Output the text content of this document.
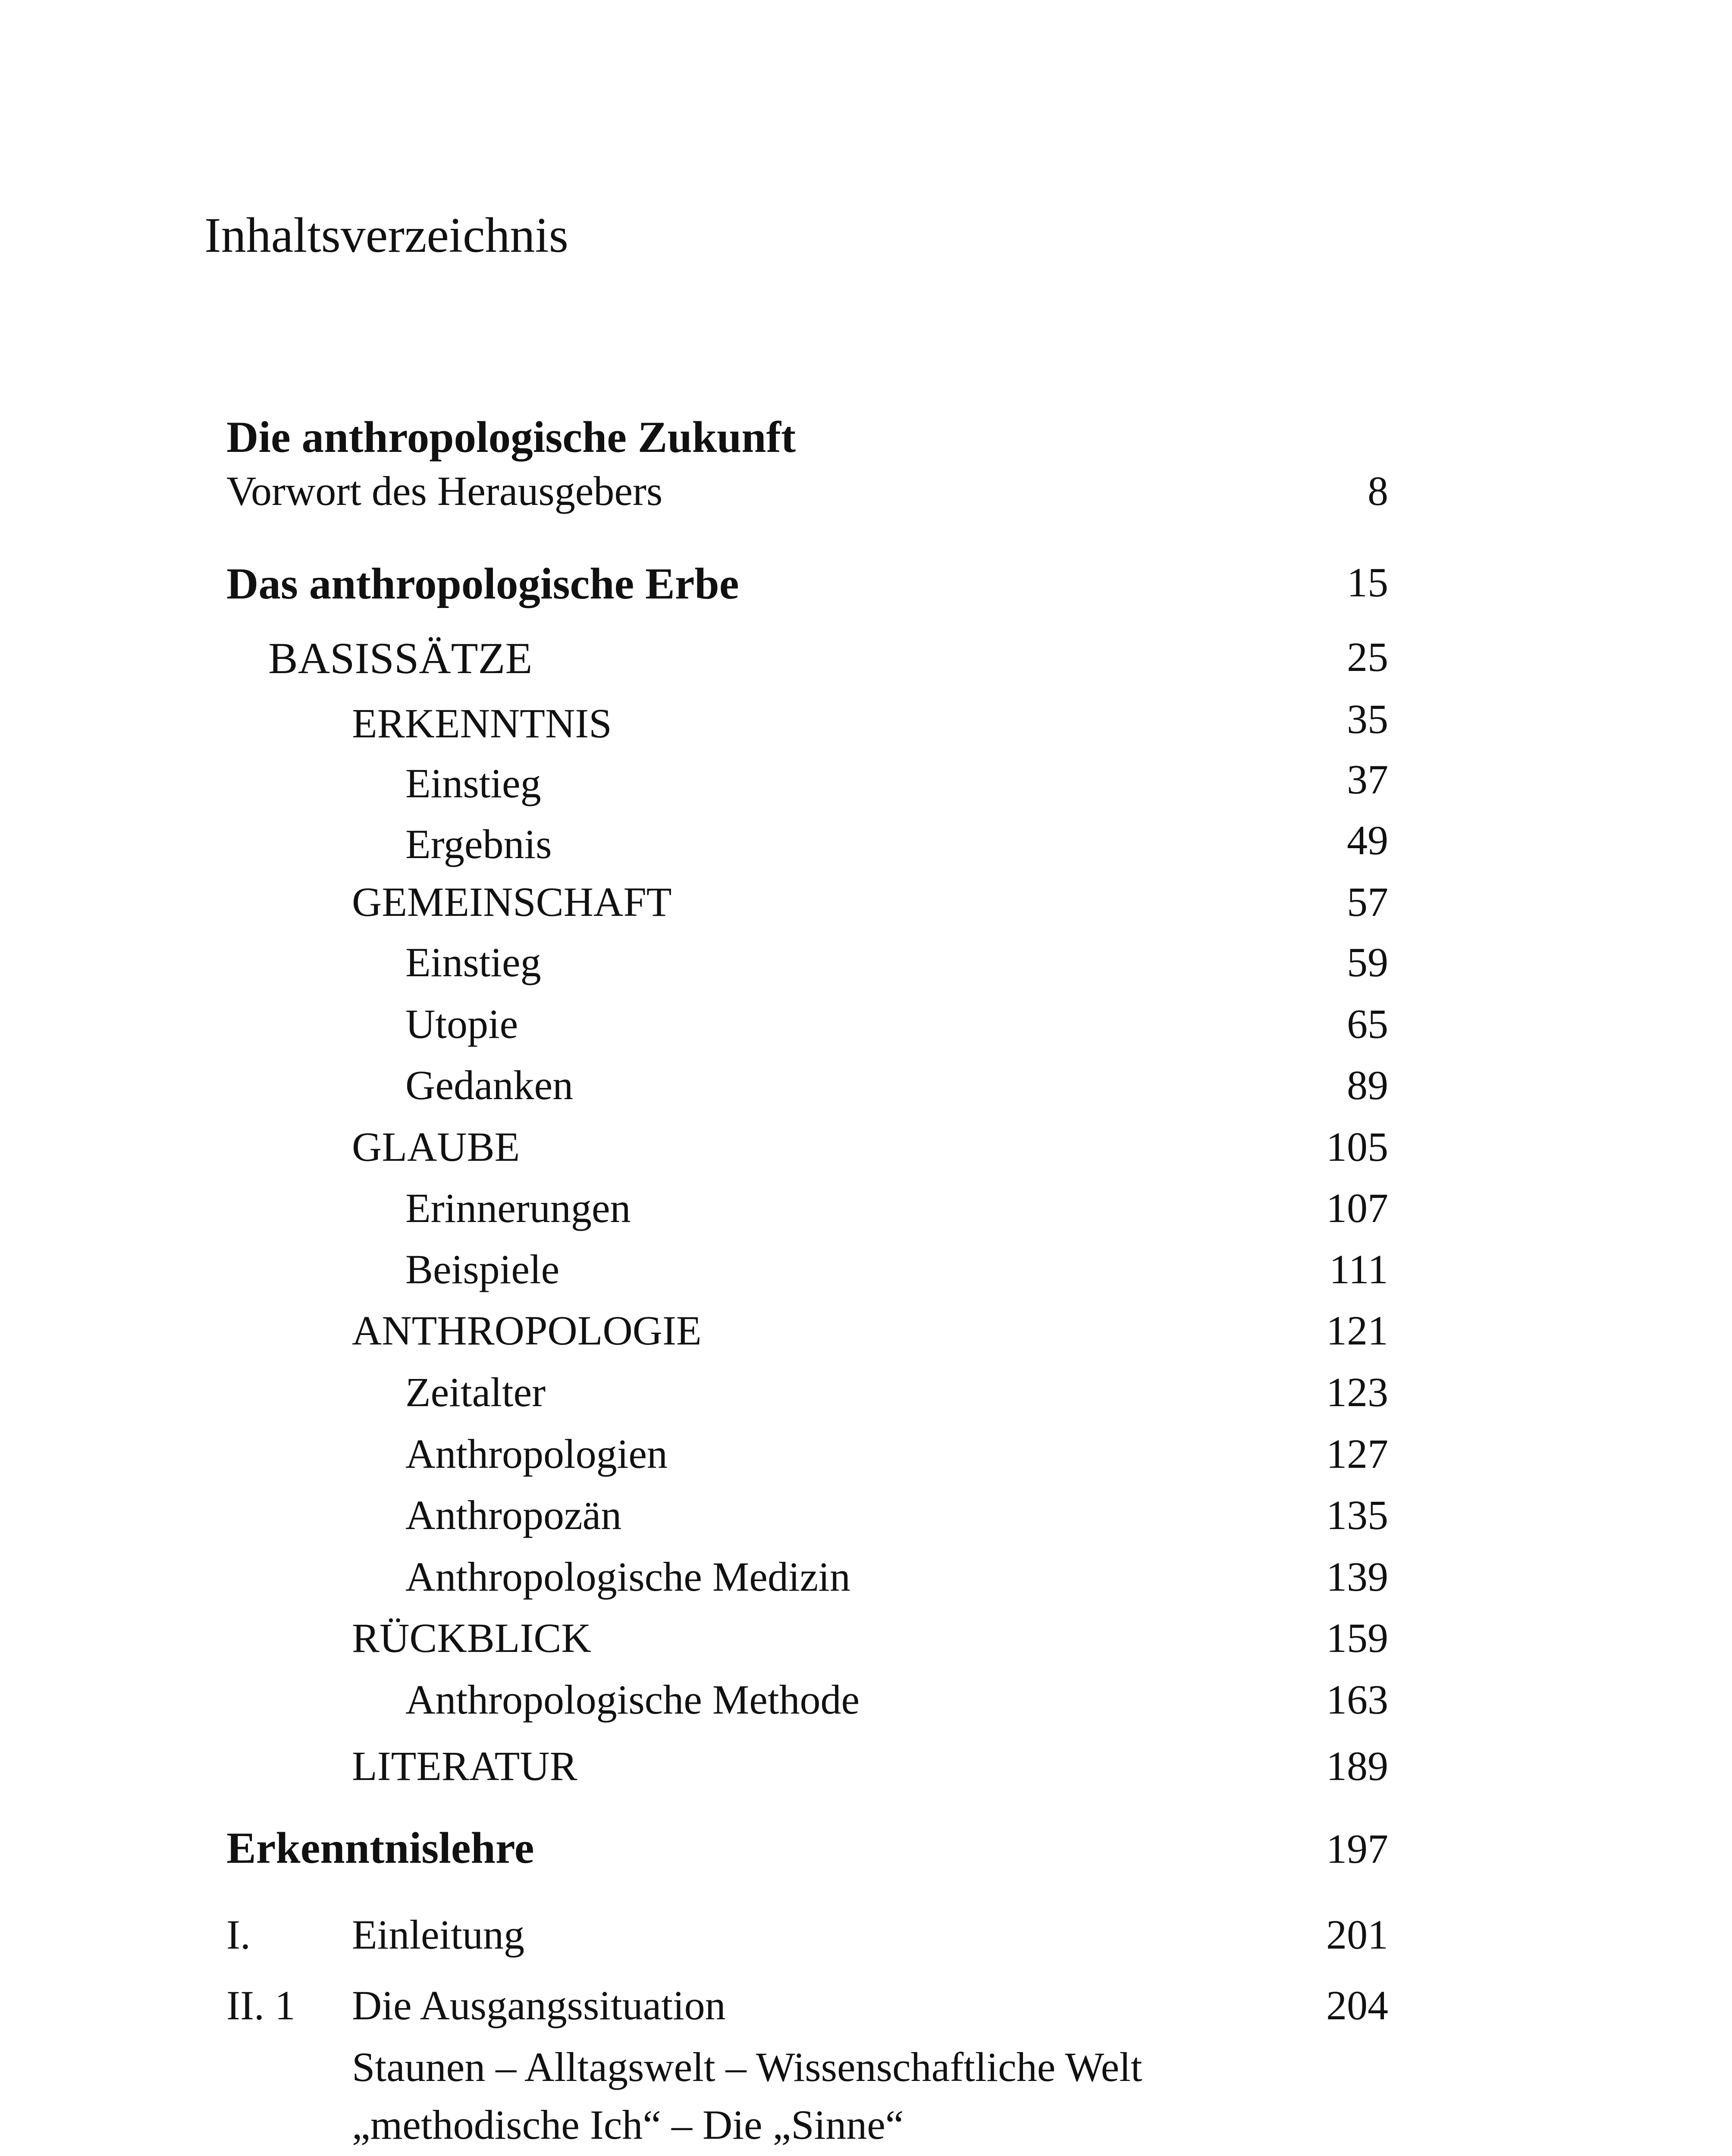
Inhaltsverzeichnis
Die anthropologische Zukunft
Vorwort des Herausgebers	8
Das anthropologische Erbe	15
BASISSÄTZE	25
ERKENNTNIS	35
Einstieg	37
Ergebnis	49
GEMEINSCHAFT	57
Einstieg	59
Utopie	65
Gedanken	89
GLAUBE	105
Erinnerungen	107
Beispiele	111
ANTHROPOLOGIE	121
Zeitalter	123
Anthropologien	127
Anthropozän	135
Anthropologische Medizin	139
RÜCKBLICK	159
Anthropologische Methode	163
LITERATUR	189
Erkenntnislehre	197
I. Einleitung	201
II. 1 Die Ausgangssituation	204
Staunen – Alltagswelt – Wissenschaftliche Welt
„methodische Ich“ – Die „Sinne“
